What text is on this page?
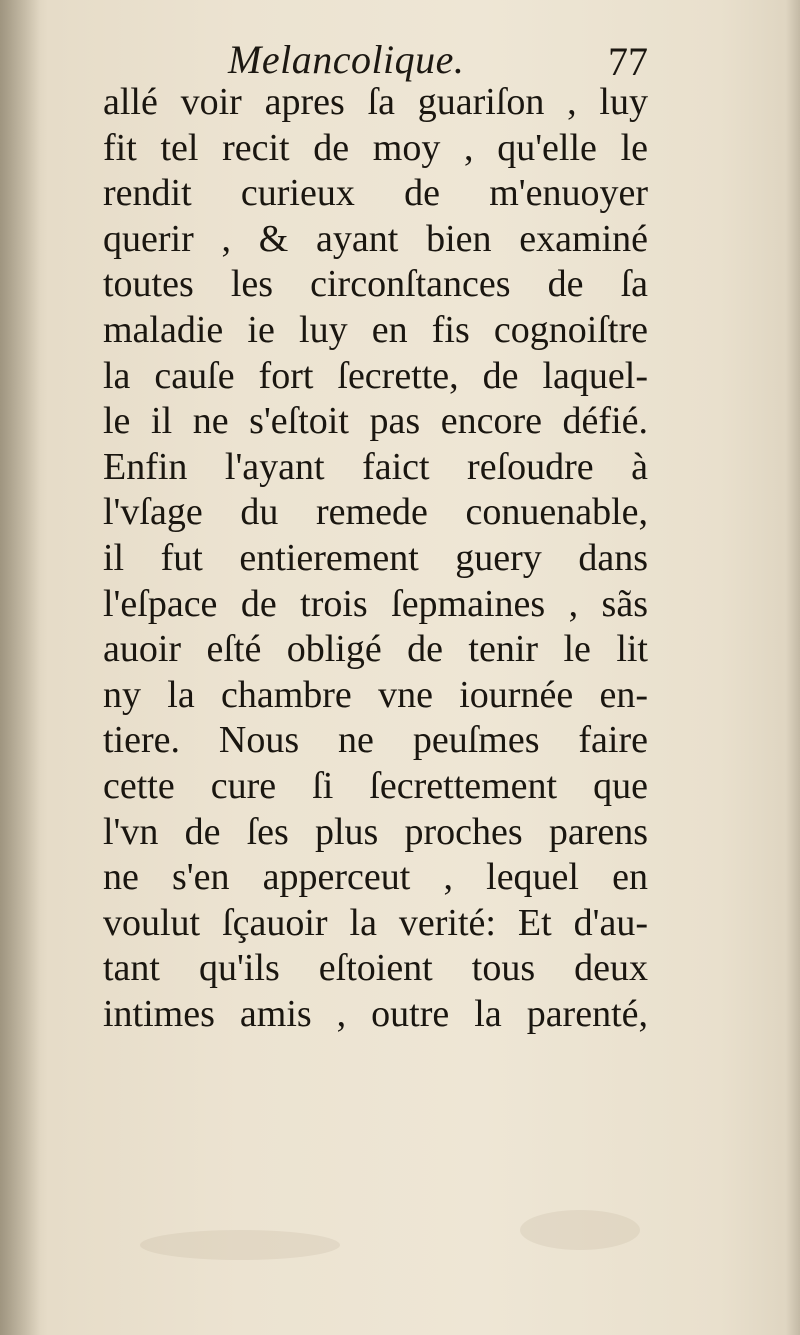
Melancolique.	77
allé voir apres ſa guariſon , luy
fit tel recit de moy , qu'elle le
rendit curieux de m'enuoyer
querir , & ayant bien examiné
toutes les circonſtances de ſa
maladie ie luy en fis cognoiſtre
la cauſe fort ſecrette, de laquel-
le il ne s'eſtoit pas encore défié.
Enfin l'ayant faict reſoudre à
l'vſage du remede conuenable,
il fut entierement guery dans
l'eſpace de trois ſepmaines , sãs
auoir eſté obligé de tenir le lit
ny la chambre vne iournée en-
tiere. Nous ne peuſmes faire
cette cure ſi ſecrettement que
l'vn de ſes plus proches parens
ne s'en apperceut , lequel en
voulut ſçauoir la verité: Et d'au-
tant qu'ils eſtoient tous deux
intimes amis , outre la parenté,
